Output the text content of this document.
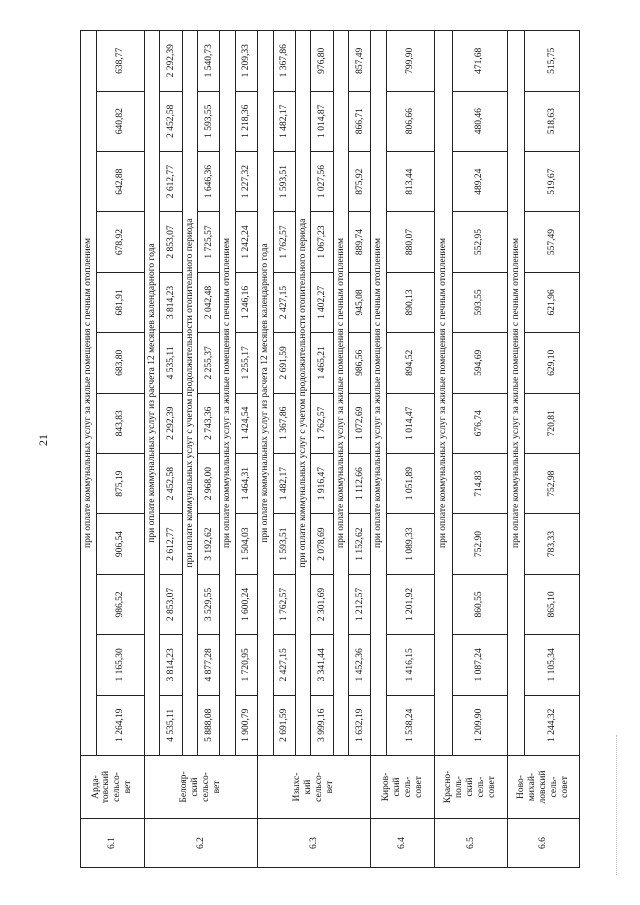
21
6.1	Арда-
товский
сельсо-
вет	при оплате коммунальных услуг за жилые помещения с печным отоплением											
		1 264,19	1 165,30	986,52	906,54	875,19	843,83	683,80	681,91	678,92	642,88	640,82	638,77
6.2	Белояр-
ский
сельсо-
вет	при оплате коммунальных услуг из расчета 12 месяцев календарного года											
		4 535,11	3 814,23	2 853,07	2 612,77	2 452,58	2 292,39	4 535,11	3 814,23	2 853,07	2 612,77	2 452,58	2 292,39
		при оплате коммунальных услуг с учетом продолжительности отопительного периода											
		5 888,08	4 877,28	3 529,55	3 192,62	2 968,00	2 743,36	2 255,37	2 042,48	1 725,57	1 646,36	1 593,55	1 540,73
		при оплате коммунальных услуг за жилые помещения с печным отоплением											
		1 900,79	1 720,95	1 600,24	1 504,03	1 464,31	1 424,54	1 255,17	1 246,16	1 242,24	1 227,32	1 218,36	1 209,33
6.3	Изыхс-
кий
сельсо-
вет	при оплате коммунальных услуг из расчета 12 месяцев календарного года											
		2 691,59	2 427,15	1 762,57	1 593,51	1 482,17	1 367,86	2 691,59	2 427,15	1 762,57	1 593,51	1 482,17	1 367,86
		при оплате коммунальных услуг с учетом продолжительности отопительного периода											
		3 999,16	3 341,44	2 301,69	2 078,69	1 916,47	1 762,57	1 465,21	1 402,27	1 067,23	1 027,56	1 014,87	976,80
		при оплате коммунальных услуг за жилые помещения с печным отоплением											
		1 632,19	1 452,36	1 212,57	1 152,62	1 112,66	1 072,69	986,56	945,08	889,74	875,92	866,71	857,49
6.4	Киров-
ский
сель-
совет	при оплате коммунальных услуг за жилые помещения с печным отоплением											
		1 538,24	1 416,15	1 201,92	1 089,33	1 051,89	1 014,47	894,52	890,13	880,07	813,44	806,66	799,90
6.5	Красно-
поль-
ский
сель-
совет	при оплате коммунальных услуг за жилые помещения с печным отоплением											
		1 209,90	1 087,24	860,55	752,90	714,83	676,74	594,69	593,55	552,95	489,24	480,46	471,68
6.6	Ново-
михай-
ловский
сель-
совет	при оплате коммунальных услуг за жилые помещения с печным отоплением											
		1 244,32	1 105,34	865,10	783,33	752,98	720,81	629,10	621,96	557,49	519,67	518,63	515,75
